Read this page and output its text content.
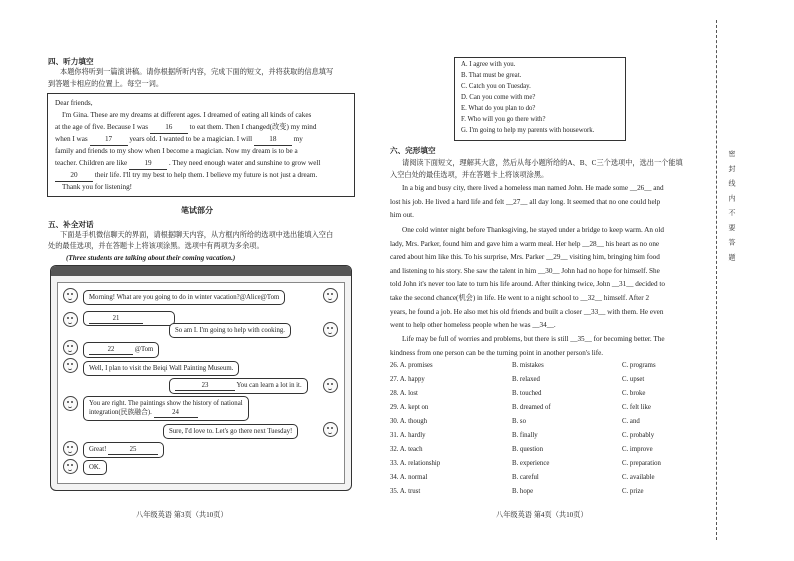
四、听力填空
本题你将听到一篇演讲稿。请你根据所听内容，完成下面的短文，并将获取的信息填写
到答题卡相应的位置上。每空一词。
Dear friends,
I'm Gina. These are my dreams at different ages. I dreamed of eating all kinds of cakes
at the age of five. Because I was 16 to eat them. Then I changed(改变) my mind
when I was 17 years old. I wanted to be a magician. I will 18 my
family and friends to my show when I become a magician. Now my dream is to be a
teacher. Children are like 19 . They need enough water and sunshine to grow well
20 their life. I'll try my best to help them. I believe my future is not just a dream.
Thank you for listening!
笔试部分
五、补全对话
下面是手机微信聊天的界面，请根据聊天内容，从方框内所给的选项中选出能填入空白
处的最佳选项，并在答题卡上将该项涂黑。选项中有两项为多余项。
(Three students are talking about their coming vacation.)
Morning! What are you going to do in winter vacation?@Alice@Tom
21
So am I. I'm going to help with cooking.
22	@Tom
Well, I plan to visit the Beiqi Wall Painting Museum.
23	You can learn a lot in it.
You are right. The paintings show the history of national
integration(民族融合).	24
Sure, I'd love to. Let's go there next Tuesday!
Great!	25
OK.
八年级英语 第3页（共10页）
A. I agree with you.
B. That must be great.
C. Catch you on Tuesday.
D. Can you come with me?
E. What do you plan to do?
F. Who will you go there with?
G. I'm going to help my parents with housework.
六、完形填空
请阅读下面短文，理解其大意，然后从每小题所给的A、B、C三个选项中，选出一个能填
入空白处的最佳选项，并在答题卡上将该项涂黑。
In a big and busy city, there lived a homeless man named John. He made some __26__ and
lost his job. He lived a hard life and felt __27__ all day long. It seemed that no one could help
him out.
One cold winter night before Thanksgiving, he stayed under a bridge to keep warm. An old
lady, Mrs. Parker, found him and gave him a warm meal. Her help __28__ his heart as no one
cared about him like this. To his surprise, Mrs. Parker __29__ visiting him, bringing him food
and listening to his story. She saw the talent in him __30__ John had no hope for himself. She
told John it's never too late to turn his life around. After thinking twice, John __31__ decided to
take the second chance(机会) in life. He went to a night school to __32__ himself. After 2
years, he found a job. He also met his old friends and built a closer __33__ with them. He even
went to help other homeless people when he was __34__.
Life may be full of worries and problems, but there is still __35__ for becoming better. The
kindness from one person can be the turning point in another person's life.
26. A. promises	B. mistakes	C. programs
27. A. happy	B. relaxed	C. upset
28. A. lost	B. touched	C. broke
29. A. kept on	B. dreamed of	C. felt like
30. A. though	B. so	C. and
31. A. hardly	B. finally	C. probably
32. A. teach	B. question	C. improve
33. A. relationship	B. experience	C. preparation
34. A. normal	B. careful	C. available
35. A. trust	B. hope	C. prize
八年级英语 第4页（共10页）
密 封 线 内 不 要 答 题
